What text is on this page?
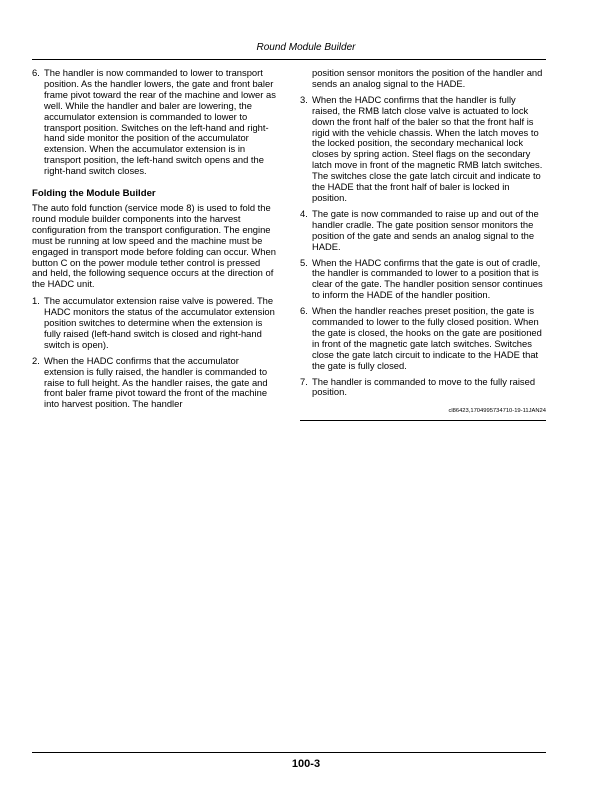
Round Module Builder
6. The handler is now commanded to lower to transport position. As the handler lowers, the gate and front baler frame pivot toward the rear of the machine and lower as well. While the handler and baler are lowering, the accumulator extension is commanded to lower to transport position. Switches on the left-hand and right-hand side monitor the position of the accumulator extension. When the accumulator extension is in transport position, the left-hand switch opens and the right-hand switch closes.
Folding the Module Builder

The auto fold function (service mode 8) is used to fold the round module builder components into the harvest configuration from the transport configuration. The engine must be running at low speed and the machine must be engaged in transport mode before folding can occur. When button C on the power module tether control is pressed and held, the following sequence occurs at the direction of the HADC unit.

1. The accumulator extension raise valve is powered. The HADC monitors the status of the accumulator extension position switches to determine when the extension is fully raised (left-hand switch is closed and right-hand switch is open).
2. When the HADC confirms that the accumulator extension is fully raised, the handler is commanded to raise to full height. As the handler raises, the gate and front baler frame pivot toward the front of the machine into harvest position. The handler
position sensor monitors the position of the handler and sends an analog signal to the HADE.
3. When the HADC confirms that the handler is fully raised, the RMB latch close valve is actuated to lock down the front half of the baler so that the front half is rigid with the vehicle chassis. When the latch moves to the locked position, the secondary mechanical lock closes by spring action. Steel flags on the secondary latch move in front of the magnetic RMB latch switches. The switches close the gate latch circuit and indicate to the HADE that the front half of baler is locked in position.
4. The gate is now commanded to raise up and out of the handler cradle. The gate position sensor monitors the position of the gate and sends an analog signal to the HADE.
5. When the HADC confirms that the gate is out of cradle, the handler is commanded to lower to a position that is clear of the gate. The handler position sensor continues to inform the HADE of the handler position.
6. When the handler reaches preset position, the gate is commanded to lower to the fully closed position. When the gate is closed, the hooks on the gate are positioned in front of the magnetic gate latch switches. Switches close the gate latch circuit to indicate to the HADE that the gate is fully closed.
7. The handler is commanded to move to the fully raised position.
cl86423,1704995734710-19-11JAN24
100-3
